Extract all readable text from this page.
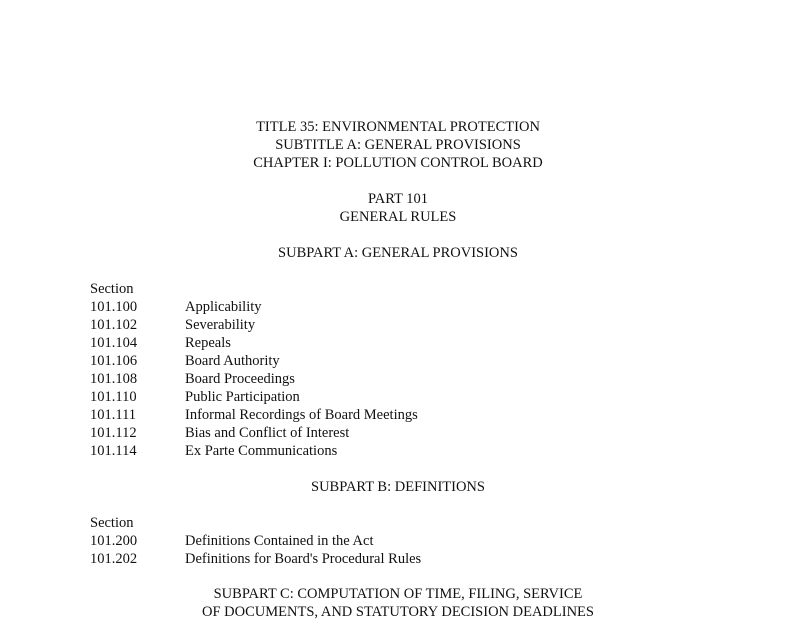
TITLE 35: ENVIRONMENTAL PROTECTION
SUBTITLE A: GENERAL PROVISIONS
CHAPTER I: POLLUTION CONTROL BOARD
PART 101
GENERAL RULES
SUBPART A: GENERAL PROVISIONS
Section
101.100	Applicability
101.102	Severability
101.104	Repeals
101.106	Board Authority
101.108	Board Proceedings
101.110	Public Participation
101.111	Informal Recordings of Board Meetings
101.112	Bias and Conflict of Interest
101.114	Ex Parte Communications
SUBPART B: DEFINITIONS
Section
101.200	Definitions Contained in the Act
101.202	Definitions for Board's Procedural Rules
SUBPART C: COMPUTATION OF TIME, FILING, SERVICE
OF DOCUMENTS, AND STATUTORY DECISION DEADLINES
